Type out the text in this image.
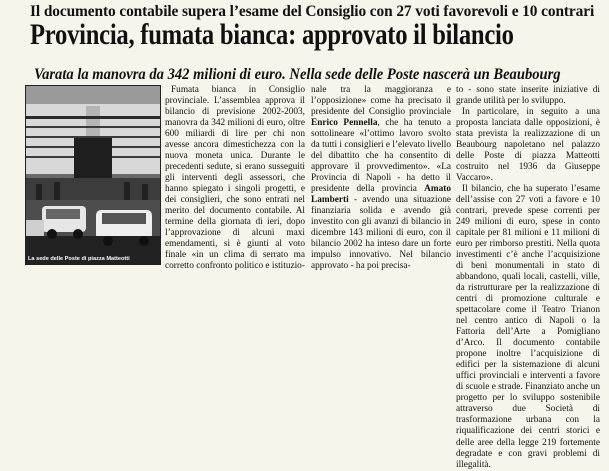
Il documento contabile supera l’esame del Consiglio con 27 voti favorevoli e 10 contrari
Provincia, fumata bianca: approvato il bilancio
Varata la manovra da 342 milioni di euro. Nella sede delle Poste nascerà un Beaubourg
La sede delle Poste di piazza Matteotti

Fumata bianca in Consiglio provinciale. L’assemblea approva il bilancio di previsione 2002-2003, manovra da 342 milioni di euro, oltre 600 miliardi di lire per chi non avesse ancora dimestichezza con la nuova moneta unica. Durante le precedenti sedute, si erano susseguiti gli interventi degli assessori, che hanno spiegato i singoli progetti, e dei consiglieri, che sono entrati nel merito del documento contabile. Al termine della giornata di ieri, dopo l’approvazione di alcuni maxi emendamenti, si è giunti al voto finale «in un clima di serrato ma corretto confronto politico e istituzio-

nale tra la maggioranza e l’opposizione» come ha precisato il presidente del Consiglio provinciale Enrico Pennella, che ha tenuto a sottolineare «l’ottimo lavoro svolto da tutti i consiglieri e l’elevato livello del dibattito che ha consentito di approvare il provvedimento». «La Provincia di Napoli - ha detto il presidente della provincia Amato Lamberti - avendo una situazione finanziaria solida e avendo già investito con gli avanzi di bilancio in dicembre 143 milioni di euro, con il bilancio 2002 ha inteso dare un forte impulso innovativo. Nel bilancio approvato - ha poi precisa-

to - sono state inserite iniziative di grande utilità per lo sviluppo.

In particolare, in seguito a una proposta lanciata dalle opposizioni, è stata prevista la realizzazione di un Beaubourg napoletano nel palazzo delle Poste di piazza Matteotti costruito nel 1936 da Giuseppe Vaccaro».

Il bilancio, che ha superato l’esame dell’assise con 27 voti a favore e 10 contrari, prevede spese correnti per 249 milioni di euro, spese in conto capitale per 81 milioni e 11 milioni di euro per rimborso prestiti. Nella quota investimenti c’è anche l’acquisizione di beni monumentali in stato di abbandono, quali locali, castelli, ville, da ristrutturare per la realizzazione di centri di promozione culturale e spettacolare come il Teatro Trianon nel centro antico di Napoli o la Fattoria dell’Arte a Pomigliano d’Arco. Il documento contabile propone inoltre l’acquisizione di edifici per la sistemazione di alcuni uffici provinciali e interventi a favore di scuole e strade. Finanziato anche un progetto per lo sviluppo sostenibile attraverso due Società di trasformazione urbana con la riqualificazione dei centri storici e delle aree della legge 219 fortemente degradate e con gravi problemi di illegalità.
